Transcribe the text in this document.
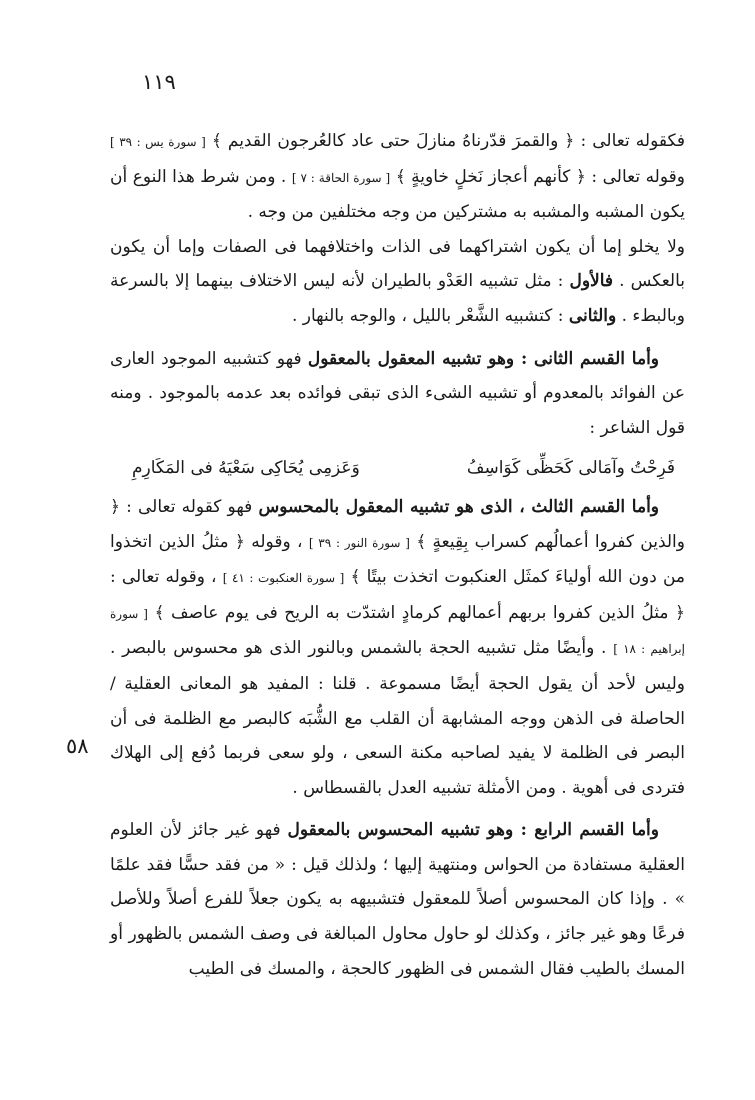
١١٩
٥٨

فكقوله تعالى : ﴿ والقمرَ قدّرناهُ منازلَ حتى عاد كالعُرجون القديم ﴾ [ سورة يس : ٣٩ ] وقوله تعالى : ﴿ كأنهم أعجاز نَخلٍ خاويةٍ ﴾ [ سورة الحاقة : ٧ ] . ومن شرط هذا النوع أن يكون المشبه والمشبه به مشتركين من وجه مختلفين من وجه .

ولا يخلو إما أن يكون اشتراكهما فى الذات واختلافهما فى الصفات وإما أن يكون بالعكس . فالأول : مثل تشبيه العَدْو بالطيران لأنه ليس الاختلاف بينهما إلا بالسرعة وبالبطء . والثانى : كتشبيه الشَّعْر بالليل ، والوجه بالنهار .

وأما القسم الثانى : وهو تشبيه المعقول بالمعقول فهو كتشبيه الموجود العارى عن الفوائد بالمعدوم أو تشبيه الشىء الذى تبقى فوائده بعد عدمه بالموجود . ومنه قول الشاعر :

فَرِحْتُ وآمَالى كَحَظِّى كَوَاسِفُ
وَعَزمِى يُحَاكِى سَعْيَهُ فى المَكَارِمِ

وأما القسم الثالث ، الذى هو تشبيه المعقول بالمحسوس فهو كقوله تعالى : ﴿ والذين كفروا أعمالُهم كسراب بِقِيعةٍ ﴾ [ سورة النور : ٣٩ ] ، وقوله ﴿ مثلُ الذين اتخذوا من دون الله أولياءَ كمثَل العنكبوت اتخذت بيتًا ﴾ [ سورة العنكبوت : ٤١ ] ، وقوله تعالى : ﴿ مثلُ الذين كفروا بربهم أعمالهم كرمادٍ اشتدّت به الريح فى يوم عاصف ﴾ [ سورة إبراهيم : ١٨ ] . وأيضًا مثل تشبيه الحجة بالشمس وبالنور الذى هو محسوس بالبصر . وليس لأحد أن يقول الحجة أيضًا مسموعة . قلنا : المفيد هو المعانى العقلية / الحاصلة فى الذهن ووجه المشابهة أن القلب مع الشُّبَه كالبصر مع الظلمة فى أن البصر فى الظلمة لا يفيد لصاحبه مكنة السعى ، ولو سعى فربما دُفع إلى الهلاك فتردى فى أهوية . ومن الأمثلة تشبيه العدل بالقسطاس .

وأما القسم الرابع : وهو تشبيه المحسوس بالمعقول فهو غير جائز لأن العلوم العقلية مستفادة من الحواس ومنتهية إليها ؛ ولذلك قيل : « من فقد حسًّا فقد علمًا » . وإذا كان المحسوس أصلاً للمعقول فتشبيهه به يكون جعلاً للفرع أصلاً وللأصل فرعًا وهو غير جائز ، وكذلك لو حاول محاول المبالغة فى وصف الشمس بالظهور أو المسك بالطيب فقال الشمس فى الظهور كالحجة ، والمسك فى الطيب
